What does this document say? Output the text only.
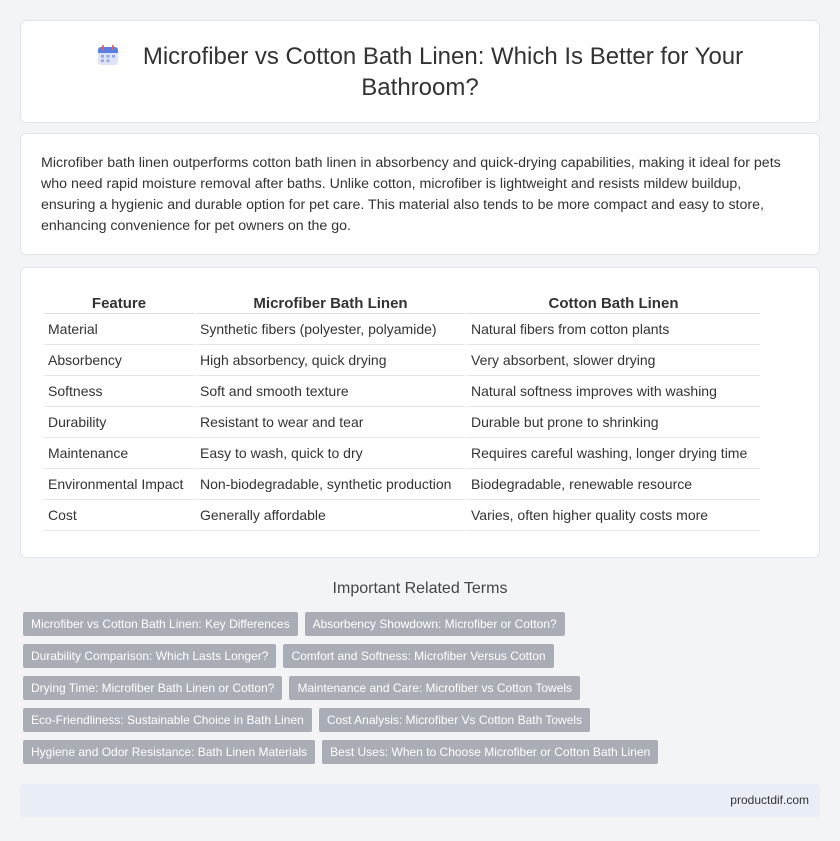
Microfiber vs Cotton Bath Linen: Which Is Better for Your Bathroom?

Microfiber bath linen outperforms cotton bath linen in absorbency and quick-drying capabilities, making it ideal for pets who need rapid moisture removal after baths. Unlike cotton, microfiber is lightweight and resists mildew buildup, ensuring a hygienic and durable option for pet care. This material also tends to be more compact and easy to store, enhancing convenience for pet owners on the go.

Feature	Microfiber Bath Linen	Cotton Bath Linen
Material	Synthetic fibers (polyester, polyamide)	Natural fibers from cotton plants
Absorbency	High absorbency, quick drying	Very absorbent, slower drying
Softness	Soft and smooth texture	Natural softness improves with washing
Durability	Resistant to wear and tear	Durable but prone to shrinking
Maintenance	Easy to wash, quick to dry	Requires careful washing, longer drying time
Environmental Impact	Non-biodegradable, synthetic production	Biodegradable, renewable resource
Cost	Generally affordable	Varies, often higher quality costs more
Important Related Terms
Microfiber vs Cotton Bath Linen: Key Differences	Absorbency Showdown: Microfiber or Cotton?
Durability Comparison: Which Lasts Longer?	Comfort and Softness: Microfiber Versus Cotton
Drying Time: Microfiber Bath Linen or Cotton?	Maintenance and Care: Microfiber vs Cotton Towels
Eco-Friendliness: Sustainable Choice in Bath Linen	Cost Analysis: Microfiber Vs Cotton Bath Towels
Hygiene and Odor Resistance: Bath Linen Materials	Best Uses: When to Choose Microfiber or Cotton Bath Linen
productdif.com
